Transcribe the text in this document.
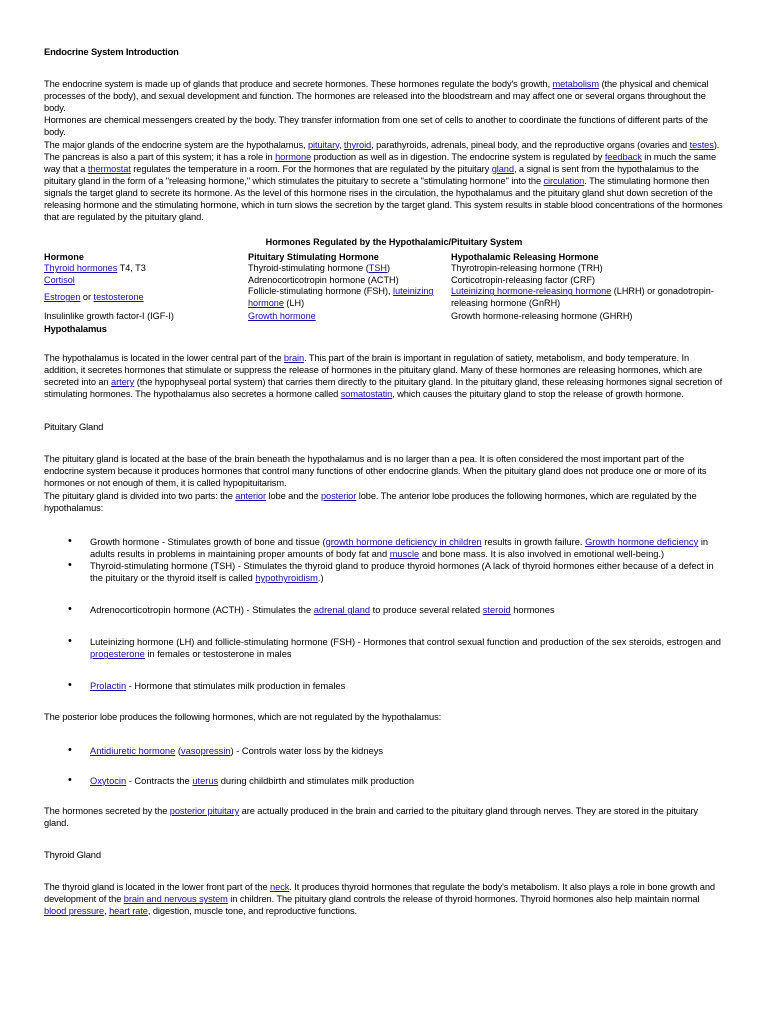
Endocrine System Introduction

The endocrine system is made up of glands that produce and secrete hormones. These hormones regulate the body's growth, metabolism (the physical and chemical processes of the body), and sexual development and function. The hormones are released into the bloodstream and may affect one or several organs throughout the body.

Hormones are chemical messengers created by the body. They transfer information from one set of cells to another to coordinate the functions of different parts of the body.

The major glands of the endocrine system are the hypothalamus, pituitary, thyroid, parathyroids, adrenals, pineal body, and the reproductive organs (ovaries and testes). The pancreas is also a part of this system; it has a role in hormone production as well as in digestion. The endocrine system is regulated by feedback in much the same way that a thermostat regulates the temperature in a room. For the hormones that are regulated by the pituitary gland, a signal is sent from the hypothalamus to the pituitary gland in the form of a "releasing hormone," which stimulates the pituitary to secrete a "stimulating hormone" into the circulation. The stimulating hormone then signals the target gland to secrete its hormone. As the level of this hormone rises in the circulation, the hypothalamus and the pituitary gland shut down secretion of the releasing hormone and the stimulating hormone, which in turn slows the secretion by the target gland. This system results in stable blood concentrations of the hormones that are regulated by the pituitary gland.

Hormones Regulated by the Hypothalamic/Pituitary System		
Hormone	Pituitary Stimulating Hormone	Hypothalamic Releasing Hormone
Thyroid hormones T4, T3	Thyroid-stimulating hormone (TSH)	Thyrotropin-releasing hormone (TRH)
Cortisol	Adrenocorticotropin hormone (ACTH)	Corticotropin-releasing factor (CRF)
Estrogen or testosterone	Follicle-stimulating hormone (FSH), luteinizing hormone (LH)	Luteinizing hormone-releasing hormone (LHRH) or gonadotropin-releasing hormone (GnRH)
Insulinlike growth factor-I (IGF-I)	Growth hormone	Growth hormone-releasing hormone (GHRH)
Hypothalamus

The hypothalamus is located in the lower central part of the brain. This part of the brain is important in regulation of satiety, metabolism, and body temperature. In addition, it secretes hormones that stimulate or suppress the release of hormones in the pituitary gland. Many of these hormones are releasing hormones, which are secreted into an artery (the hypophyseal portal system) that carries them directly to the pituitary gland. In the pituitary gland, these releasing hormones signal secretion of stimulating hormones. The hypothalamus also secretes a hormone called somatostatin, which causes the pituitary gland to stop the release of growth hormone.

Pituitary Gland

The pituitary gland is located at the base of the brain beneath the hypothalamus and is no larger than a pea. It is often considered the most important part of the endocrine system because it produces hormones that control many functions of other endocrine glands. When the pituitary gland does not produce one or more of its hormones or not enough of them, it is called hypopituitarism.

The pituitary gland is divided into two parts: the anterior lobe and the posterior lobe. The anterior lobe produces the following hormones, which are regulated by the hypothalamus:

• Growth hormone - Stimulates growth of bone and tissue (growth hormone deficiency in children results in growth failure. Growth hormone deficiency in adults results in problems in maintaining proper amounts of body fat and muscle and bone mass. It is also involved in emotional well-being.)
• Thyroid-stimulating hormone (TSH) - Stimulates the thyroid gland to produce thyroid hormones (A lack of thyroid hormones either because of a defect in the pituitary or the thyroid itself is called hypothyroidism.)
• Adrenocorticotropin hormone (ACTH) - Stimulates the adrenal gland to produce several related steroid hormones
• Luteinizing hormone (LH) and follicle-stimulating hormone (FSH) - Hormones that control sexual function and production of the sex steroids, estrogen and progesterone in females or testosterone in males
• Prolactin - Hormone that stimulates milk production in females

The posterior lobe produces the following hormones, which are not regulated by the hypothalamus:

• Antidiuretic hormone (vasopressin) - Controls water loss by the kidneys
• Oxytocin - Contracts the uterus during childbirth and stimulates milk production

The hormones secreted by the posterior pituitary are actually produced in the brain and carried to the pituitary gland through nerves. They are stored in the pituitary gland.

Thyroid Gland

The thyroid gland is located in the lower front part of the neck. It produces thyroid hormones that regulate the body's metabolism. It also plays a role in bone growth and development of the brain and nervous system in children. The pituitary gland controls the release of thyroid hormones. Thyroid hormones also help maintain normal blood pressure, heart rate, digestion, muscle tone, and reproductive functions.
